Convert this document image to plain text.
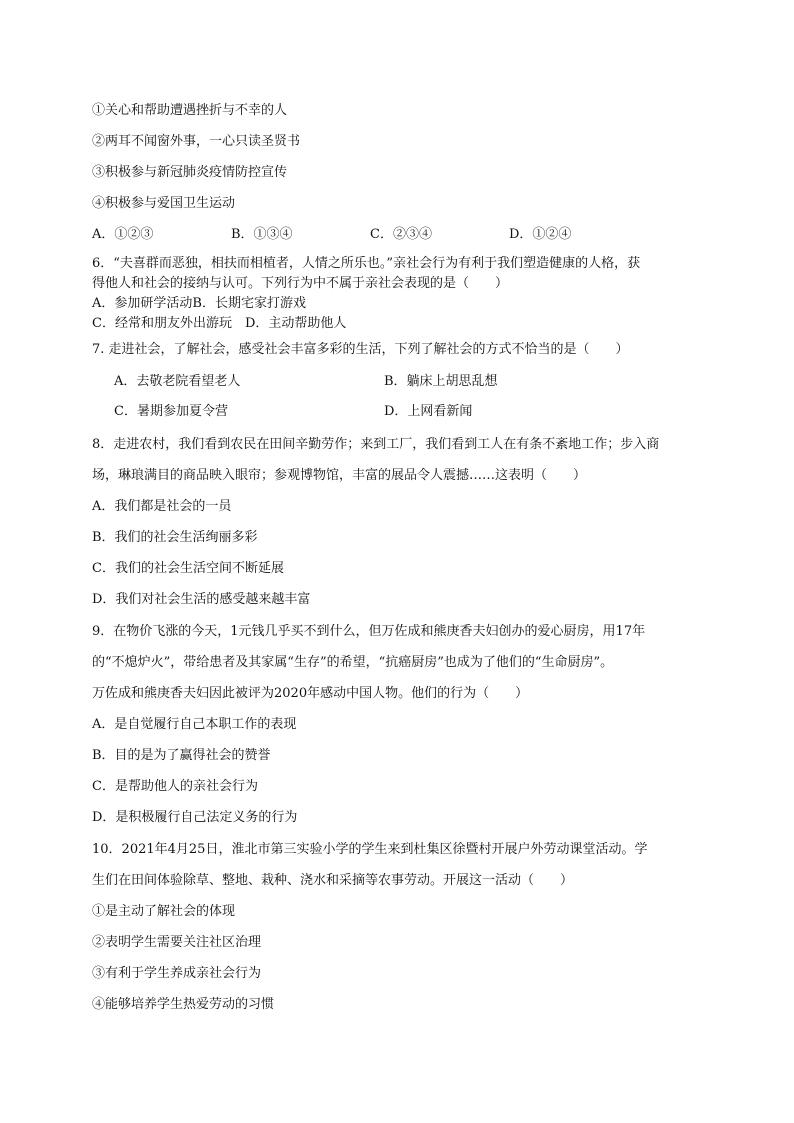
①关心和帮助遭遇挫折与不幸的人
②两耳不闻窗外事，一心只读圣贤书
③积极参与新冠肺炎疫情防控宣传
④积极参与爱国卫生运动
A．①②③	B．①③④	C．②③④	D．①②④
6．“夫喜群而恶独，相扶而相植者，人情之所乐也。”亲社会行为有利于我们塑造健康的人格，获
得他人和社会的接纳与认可。下列行为中不属于亲社会表现的是（　　）
A．参加研学活动B．长期宅家打游戏
C．经常和朋友外出游玩　D．主动帮助他人
7. 走进社会，了解社会，感受社会丰富多彩的生活，下列了解社会的方式不恰当的是（　　）
A．去敬老院看望老人	B．躺床上胡思乱想
C．暑期参加夏令营	D．上网看新闻
8．走进农村，我们看到农民在田间辛勤劳作；来到工厂，我们看到工人在有条不紊地工作；步入商
场，琳琅满目的商品映入眼帘；参观博物馆，丰富的展品令人震撼……这表明（　　）
A．我们都是社会的一员
B．我们的社会生活绚丽多彩
C．我们的社会生活空间不断延展
D．我们对社会生活的感受越来越丰富
9．在物价飞涨的今天，1元钱几乎买不到什么，但万佐成和熊庚香夫妇创办的爱心厨房，用17年
的“不熄炉火”，带给患者及其家属“生存”的希望，“抗癌厨房”也成为了他们的“生命厨房”。
万佐成和熊庚香夫妇因此被评为2020年感动中国人物。他们的行为（　　）
A．是自觉履行自己本职工作的表现
B．目的是为了赢得社会的赞誉
C．是帮助他人的亲社会行为
D．是积极履行自己法定义务的行为
10．2021年4月25日，淮北市第三实验小学的学生来到杜集区徐暨村开展户外劳动课堂活动。学
生们在田间体验除草、整地、栽种、浇水和采摘等农事劳动。开展这一活动（　　）
①是主动了解社会的体现
②表明学生需要关注社区治理
③有利于学生养成亲社会行为
④能够培养学生热爱劳动的习惯
